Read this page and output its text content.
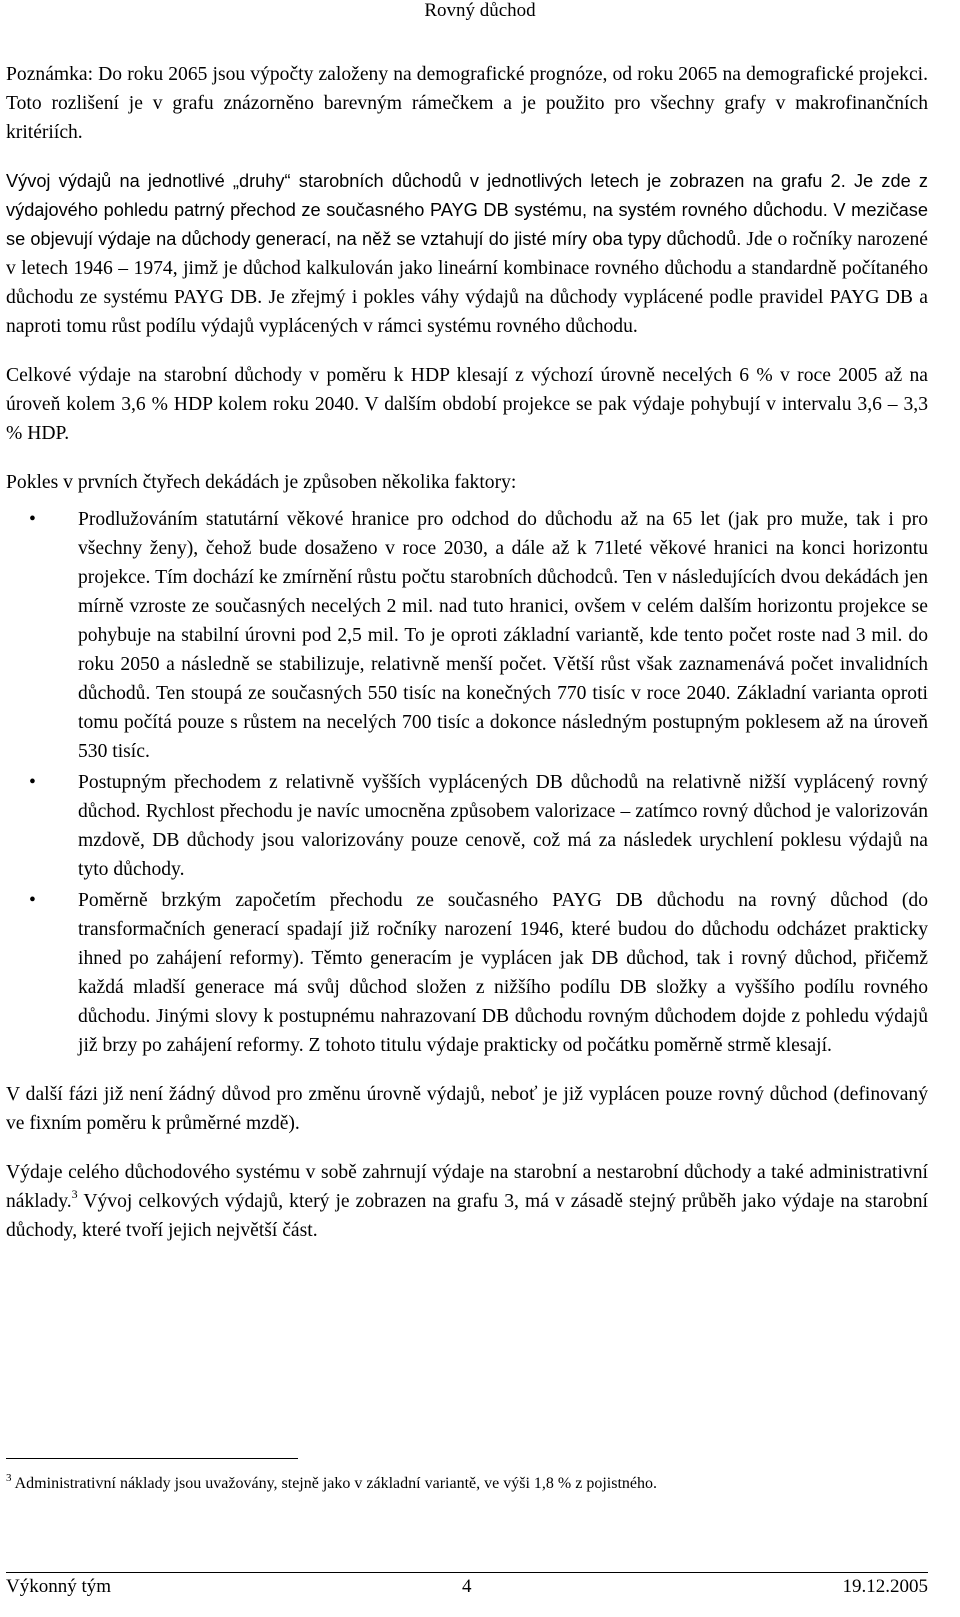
Rovný důchod

Poznámka: Do roku 2065 jsou výpočty založeny na demografické prognóze, od roku 2065 na demografické projekci. Toto rozlišení je v grafu znázorněno barevným rámečkem a je použito pro všechny grafy v makrofinančních kritériích.

Vývoj výdajů na jednotlivé „druhy“ starobních důchodů v jednotlivých letech je zobrazen na grafu 2. Je zde z výdajového pohledu patrný přechod ze současného PAYG DB systému, na systém rovného důchodu. V mezičase se objevují výdaje na důchody generací, na něž se vztahují do jisté míry oba typy důchodů. Jde o ročníky narozené v letech 1946 – 1974, jimž je důchod kalkulován jako lineární kombinace rovného důchodu a standardně počítaného důchodu ze systému PAYG DB. Je zřejmý i pokles váhy výdajů na důchody vyplácené podle pravidel PAYG DB a naproti tomu růst podílu výdajů vyplácených v rámci systému rovného důchodu.

Celkové výdaje na starobní důchody v poměru k HDP klesají z výchozí úrovně necelých 6 % v roce 2005 až na úroveň kolem 3,6 % HDP kolem roku 2040. V dalším období projekce se pak výdaje pohybují v intervalu 3,6 – 3,3 % HDP.

Pokles v prvních čtyřech dekádách je způsoben několika faktory:

• Prodlužováním statutární věkové hranice pro odchod do důchodu až na 65 let (jak pro muže, tak i pro všechny ženy), čehož bude dosaženo v roce 2030, a dále až k 71leté věkové hranici na konci horizontu projekce. Tím dochází ke zmírnění růstu počtu starobních důchodců. Ten v následujících dvou dekádách jen mírně vzroste ze současných necelých 2 mil. nad tuto hranici, ovšem v celém dalším horizontu projekce se pohybuje na stabilní úrovni pod 2,5 mil. To je oproti základní variantě, kde tento počet roste nad 3 mil. do roku 2050 a následně se stabilizuje, relativně menší počet. Větší růst však zaznamenává počet invalidních důchodů. Ten stoupá ze současných 550 tisíc na konečných 770 tisíc v roce 2040. Základní varianta oproti tomu počítá pouze s růstem na necelých 700 tisíc a dokonce následným postupným poklesem až na úroveň 530 tisíc.
• Postupným přechodem z relativně vyšších vyplácených DB důchodů na relativně nižší vyplácený rovný důchod. Rychlost přechodu je navíc umocněna způsobem valorizace – zatímco rovný důchod je valorizován mzdově, DB důchody jsou valorizovány pouze cenově, což má za následek urychlení poklesu výdajů na tyto důchody.
• Poměrně brzkým započetím přechodu ze současného PAYG DB důchodu na rovný důchod (do transformačních generací spadají již ročníky narození 1946, které budou do důchodu odcházet prakticky ihned po zahájení reformy). Těmto generacím je vyplácen jak DB důchod, tak i rovný důchod, přičemž každá mladší generace má svůj důchod složen z nižšího podílu DB složky a vyššího podílu rovného důchodu. Jinými slovy k postupnému nahrazovaní DB důchodu rovným důchodem dojde z pohledu výdajů již brzy po zahájení reformy. Z tohoto titulu výdaje prakticky od počátku poměrně strmě klesají.

V další fázi již není žádný důvod pro změnu úrovně výdajů, neboť je již vyplácen pouze rovný důchod (definovaný ve fixním poměru k průměrné mzdě).

Výdaje celého důchodového systému v sobě zahrnují výdaje na starobní a nestarobní důchody a také administrativní náklady.$^3$ Vývoj celkových výdajů, který je zobrazen na grafu 3, má v zásadě stejný průběh jako výdaje na starobní důchody, které tvoří jejich největší část.

$^3$ Administrativní náklady jsou uvažovány, stejně jako v základní variantě, ve výši 1,8 % z pojistného.
Výkonný tým	4	19.12.2005
